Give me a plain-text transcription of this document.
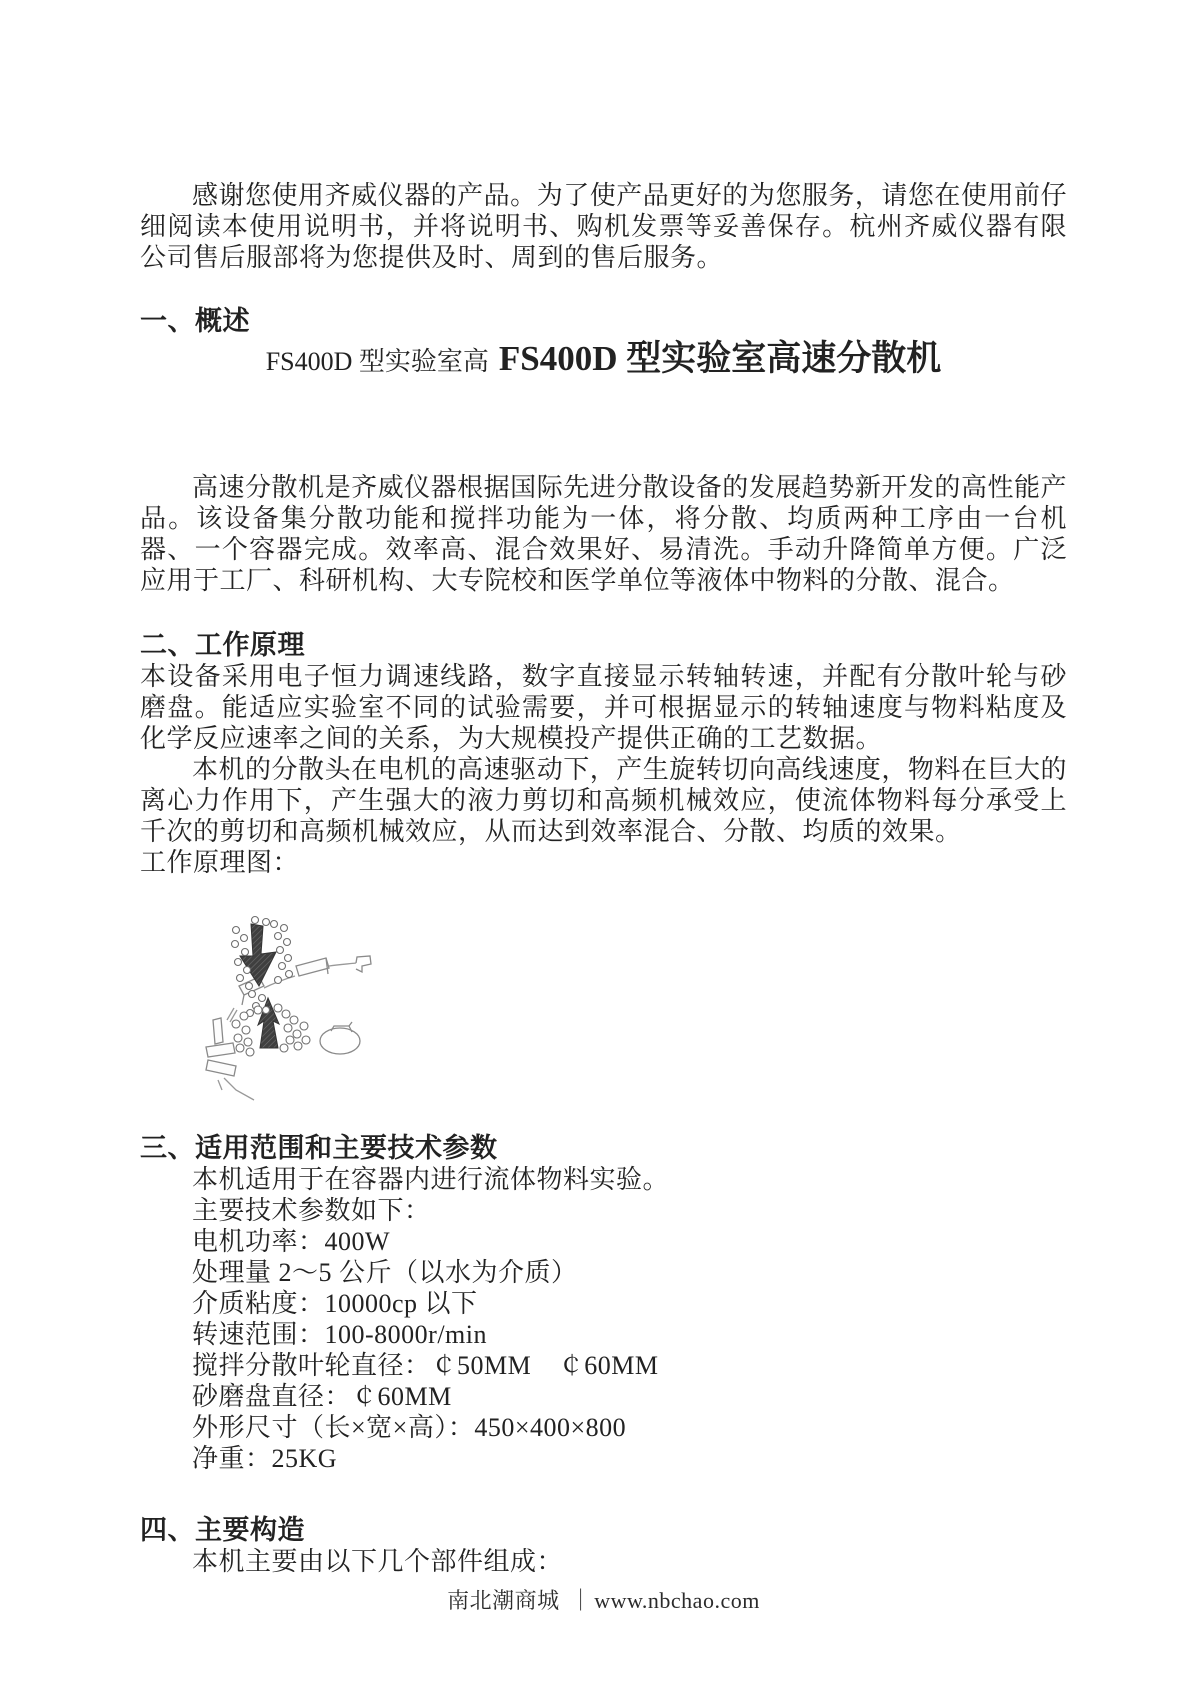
感谢您使用齐威仪器的产品。为了使产品更好的为您服务，请您在使用前仔细阅读本使用说明书，并将说明书、购机发票等妥善保存。杭州齐威仪器有限公司售后服部将为您提供及时、周到的售后服务。

一、概述
FS400D 型实验室高 FS400D 型实验室高速分散机

高速分散机是齐威仪器根据国际先进分散设备的发展趋势新开发的高性能产品。该设备集分散功能和搅拌功能为一体，将分散、均质两种工序由一台机器、一个容器完成。效率高、混合效果好、易清洗。手动升降简单方便。广泛应用于工厂、科研机构、大专院校和医学单位等液体中物料的分散、混合。

二、工作原理

本设备采用电子恒力调速线路，数字直接显示转轴转速，并配有分散叶轮与砂磨盘。能适应实验室不同的试验需要，并可根据显示的转轴速度与物料粘度及化学反应速率之间的关系，为大规模投产提供正确的工艺数据。

本机的分散头在电机的高速驱动下，产生旋转切向高线速度，物料在巨大的离心力作用下，产生强大的液力剪切和高频机械效应，使流体物料每分承受上千次的剪切和高频机械效应，从而达到效率混合、分散、均质的效果。

工作原理图：

三、适用范围和主要技术参数

本机适用于在容器内进行流体物料实验。

主要技术参数如下：

电机功率：400W

处理量 2～5 公斤（以水为介质）

介质粘度：10000cp 以下

转速范围：100-8000r/min

搅拌分散叶轮直径：￠50MM　￠60MM

砂磨盘直径：￠60MM

外形尺寸（长×宽×高）：450×400×800

净重：25KG

四、主要构造

本机主要由以下几个部件组成：

南北潮商城 ｜www.nbchao.com
